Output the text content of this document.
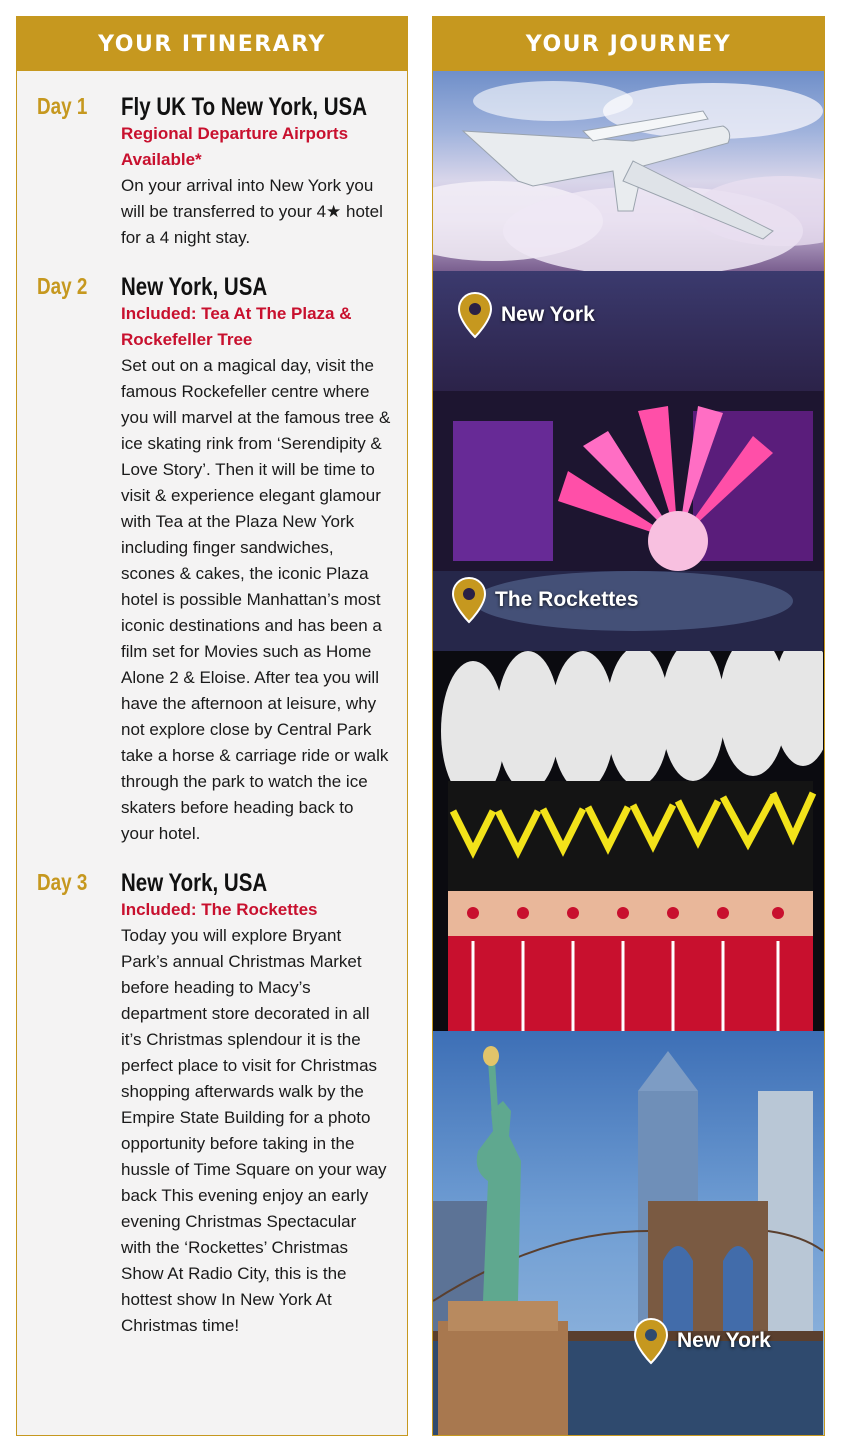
YOUR ITINERARY
Day 1 Fly UK To New York, USA
Regional Departure Airports Available*
On your arrival into New York you will be transferred to your 4★ hotel for a 4 night stay.
Day 2 New York, USA
Included: Tea At The Plaza & Rockefeller Tree
Set out on a magical day, visit the famous Rockefeller centre where you will marvel at the famous tree & ice skating rink from ‘Serendipity & Love Story’. Then it will be time to visit & experience elegant glamour with Tea at the Plaza New York including finger sandwiches, scones & cakes, the iconic Plaza hotel is possible Manhattan’s most iconic destinations and has been a film set for Movies such as Home Alone 2 & Eloise. After tea you will have the afternoon at leisure, why not explore close by Central Park take a horse & carriage ride or walk through the park to watch the ice skaters before heading back to your hotel.
Day 3 New York, USA
Included: The Rockettes
Today you will explore Bryant Park’s annual Christmas Market before heading to Macy’s department store decorated in all it’s Christmas splendour it is the perfect place to visit for Christmas shopping afterwards walk by the Empire State Building for a photo opportunity before taking in the hussle of Time Square on your way back This evening enjoy an early evening Christmas Spectacular with the ‘Rockettes’ Christmas Show At Radio City, this is the hottest show In New York At Christmas time!
YOUR JOURNEY
New York
The Rockettes
New York
